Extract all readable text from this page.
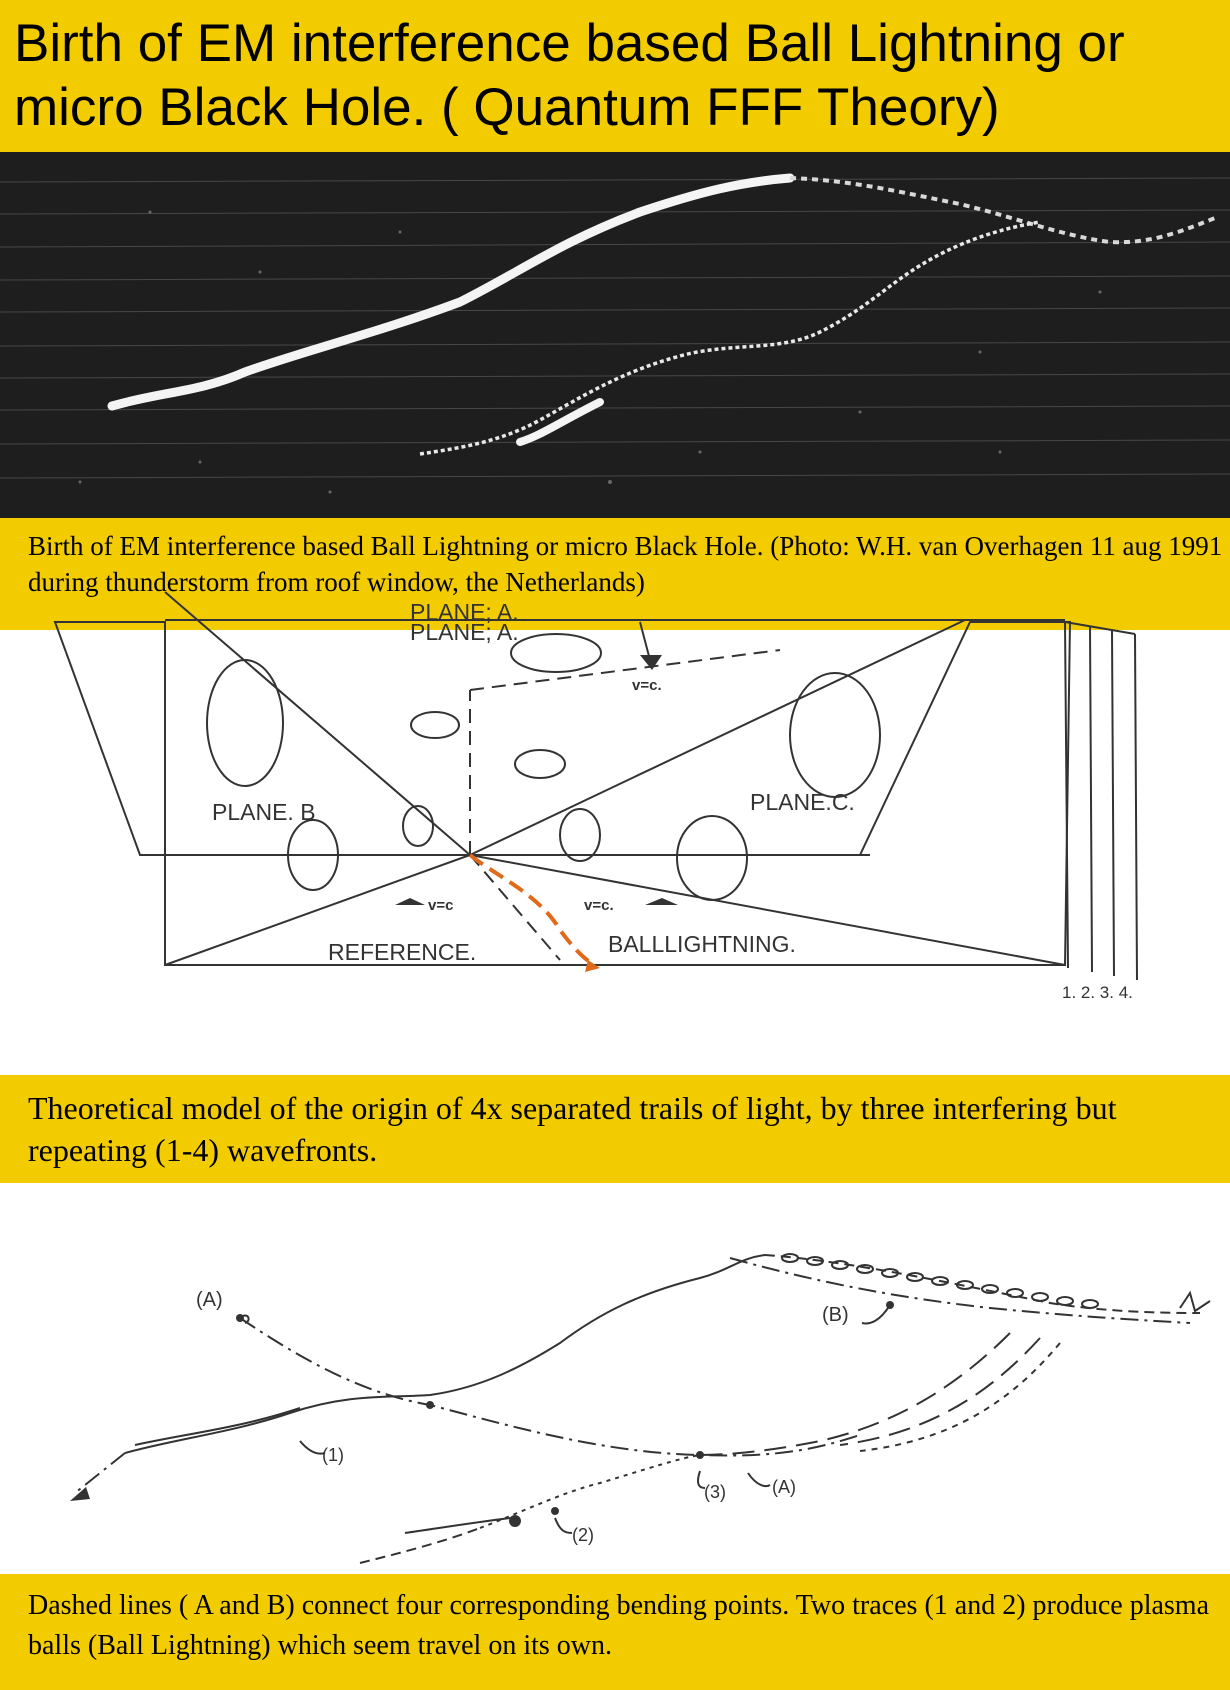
Birth of EM interference based Ball Lightning or micro Black Hole. ( Quantum FFF Theory)

Birth of EM interference based Ball Lightning or micro Black Hole. (Photo: W.H. van Overhagen 11 aug 1991 during thunderstorm from roof window, the Netherlands)

PLANE; A.
PLANE; A.
v=c.
PLANE. B	PLANE.C.
v=c	v=c.
REFERENCE.	BALLLIGHTNING.
1. 2. 3. 4.

Theoretical model of the origin of 4x separated trails of light, by three interfering but repeating (1-4) wavefronts.

(A)
(B)
(1)
(2)
(3)	(A)

Dashed lines ( A and B) connect four corresponding bending points. Two traces (1 and 2) produce plasma balls (Ball Lightning) which seem travel on its own.
